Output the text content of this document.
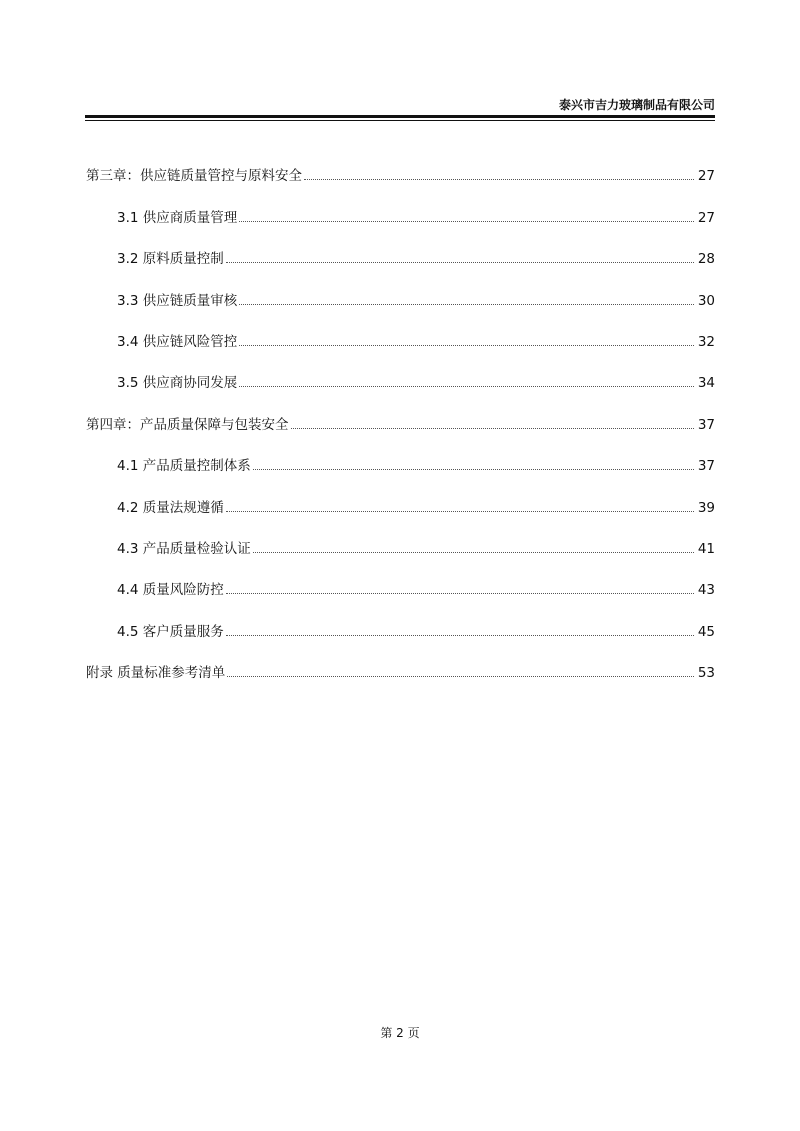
泰兴市吉力玻璃制品有限公司
第三章：供应链质量管控与原料安全	27
3.1 供应商质量管理	27
3.2 原料质量控制	28
3.3 供应链质量审核	30
3.4 供应链风险管控	32
3.5 供应商协同发展	34
第四章：产品质量保障与包装安全	37
4.1 产品质量控制体系	37
4.2 质量法规遵循	39
4.3 产品质量检验认证	41
4.4 质量风险防控	43
4.5 客户质量服务	45
附录 质量标准参考清单	53
第 2 页
